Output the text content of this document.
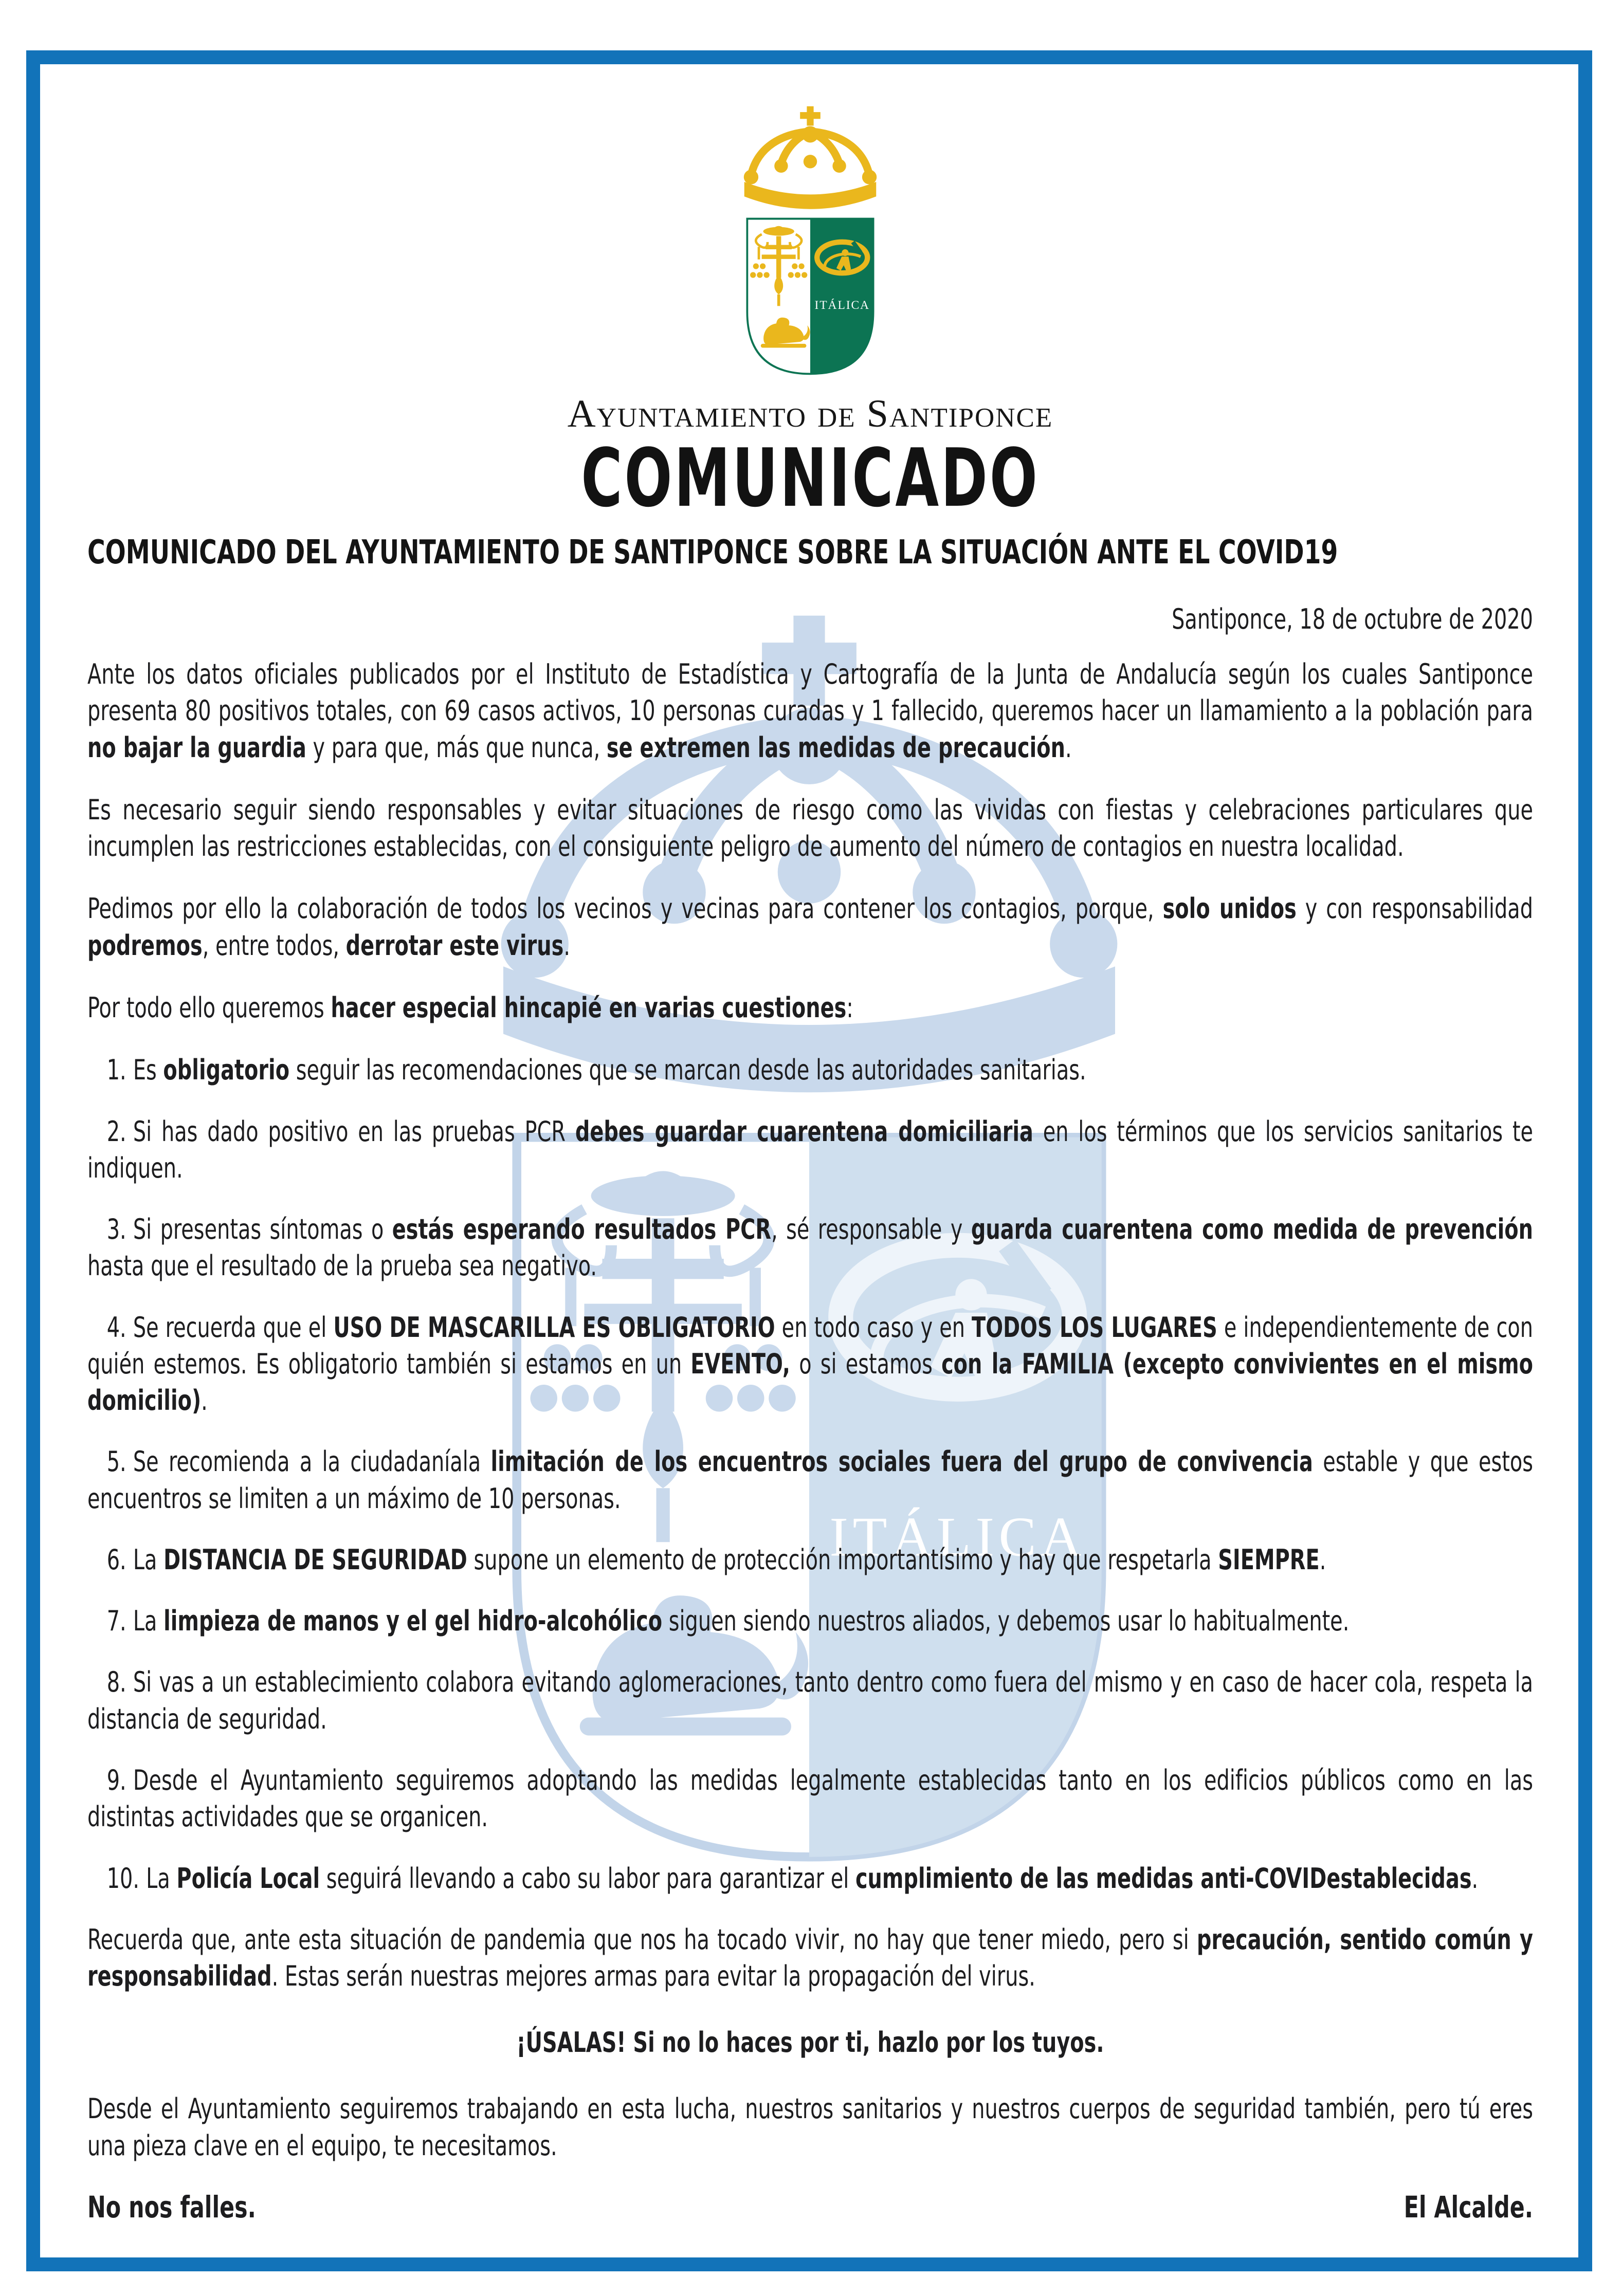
Ayuntamiento de Santiponce
COMUNICADO
COMUNICADO DEL AYUNTAMIENTO DE SANTIPONCE SOBRE LA SITUACIÓN ANTE EL COVID19

Santiponce, 18 de octubre de 2020

Ante los datos oficiales publicados por el Instituto de Estadística y Cartografía de la Junta de Andalucía según los cuales Santiponce presenta 80 positivos totales, con 69 casos activos, 10 personas curadas y 1 fallecido, queremos hacer un llamamiento a la población para no bajar la guardia y para que, más que nunca, se extremen las medidas de precaución.

Es necesario seguir siendo responsables y evitar situaciones de riesgo como las vividas con fiestas y celebraciones particulares que incumplen las restricciones establecidas, con el consiguiente peligro de aumento del número de contagios en nuestra localidad.

Pedimos por ello la colaboración de todos los vecinos y vecinas para contener los contagios, porque, solo unidos y con responsabilidad podremos, entre todos, derrotar este virus.

Por todo ello queremos hacer especial hincapié en varias cuestiones:

1. Es obligatorio seguir las recomendaciones que se marcan desde las autoridades sanitarias.

2. Si has dado positivo en las pruebas PCR debes guardar cuarentena domiciliaria en los términos que los servicios sanitarios te indiquen.

3. Si presentas síntomas o estás esperando resultados PCR, sé responsable y guarda cuarentena como medida de prevención hasta que el resultado de la prueba sea negativo.

4. Se recuerda que el USO DE MASCARILLA ES OBLIGATORIO en todo caso y en TODOS LOS LUGARES e independientemente de con quién estemos. Es obligatorio también si estamos en un EVENTO, o si estamos con la FAMILIA (excepto convivientes en el mismo domicilio).

5. Se recomienda a la ciudadaníala limitación de los encuentros sociales fuera del grupo de convivencia estable y que estos encuentros se limiten a un máximo de 10 personas.

6. La DISTANCIA DE SEGURIDAD supone un elemento de protección importantísimo y hay que respetarla SIEMPRE.

7. La limpieza de manos y el gel hidro-alcohólico siguen siendo nuestros aliados, y debemos usar lo habitualmente.

8. Si vas a un establecimiento colabora evitando aglomeraciones, tanto dentro como fuera del mismo y en caso de hacer cola, respeta la distancia de seguridad.

9. Desde el Ayuntamiento seguiremos adoptando las medidas legalmente establecidas tanto en los edificios públicos como en las distintas actividades que se organicen.

10. La Policía Local seguirá llevando a cabo su labor para garantizar el cumplimiento de las medidas anti-COVIDestablecidas.

Recuerda que, ante esta situación de pandemia que nos ha tocado vivir, no hay que tener miedo, pero si precaución, sentido común y responsabilidad. Estas serán nuestras mejores armas para evitar la propagación del virus.

¡ÚSALAS! Si no lo haces por ti, hazlo por los tuyos.

Desde el Ayuntamiento seguiremos trabajando en esta lucha, nuestros sanitarios y nuestros cuerpos de seguridad también, pero tú eres una pieza clave en el equipo, te necesitamos.

No nos falles.	El Alcalde.
